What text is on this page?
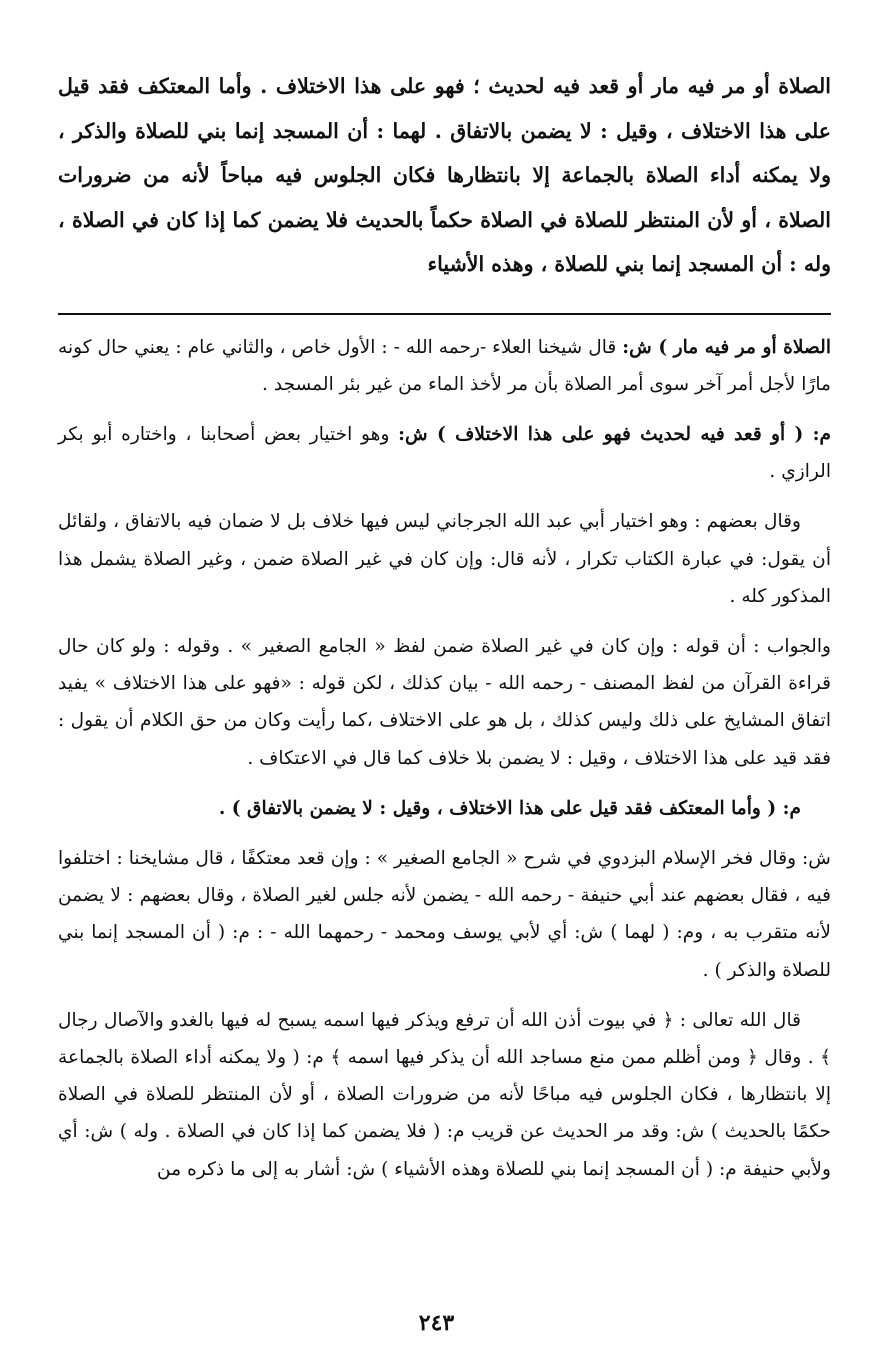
الصلاة أو مر فيه مار أو قعد فيه لحديث ؛ فهو على هذا الاختلاف . وأما المعتكف فقد قيل على هذا الاختلاف ، وقيل : لا يضمن بالاتفاق . لهما : أن المسجد إنما بني للصلاة والذكر ، ولا يمكنه أداء الصلاة بالجماعة إلا بانتظارها فكان الجلوس فيه مباحاً لأنه من ضرورات الصلاة ، أو لأن المنتظر للصلاة في الصلاة حكماً بالحديث فلا يضمن كما إذا كان في الصلاة ، وله : أن المسجد إنما بني للصلاة ، وهذه الأشياء

الصلاة أو مر فيه مار ) ش: قال شيخنا العلاء -رحمه الله - : الأول خاص ، والثاني عام : يعني حال كونه مارًا لأجل أمر آخر سوى أمر الصلاة بأن مر لأخذ الماء من غير بئر المسجد .

م: ( أو قعد فيه لحديث فهو على هذا الاختلاف ) ش: وهو اختيار بعض أصحابنا ، واختاره أبو بكر الرازي .

وقال بعضهم : وهو اختيار أبي عبد الله الجرجاني ليس فيها خلاف بل لا ضمان فيه بالاتفاق ، ولقائل أن يقول: في عبارة الكتاب تكرار ، لأنه قال: وإن كان في غير الصلاة ضمن ، وغير الصلاة يشمل هذا المذكور كله .

والجواب : أن قوله : وإن كان في غير الصلاة ضمن لفظ « الجامع الصغير » . وقوله : ولو كان حال قراءة القرآن من لفظ المصنف - رحمه الله - بيان كذلك ، لكن قوله : «فهو على هذا الاختلاف » يفيد اتفاق المشايخ على ذلك وليس كذلك ، بل هو على الاختلاف ،كما رأيت وكان من حق الكلام أن يقول : فقد قيد على هذا الاختلاف ، وقيل : لا يضمن بلا خلاف كما قال في الاعتكاف .

م: ( وأما المعتكف فقد قيل على هذا الاختلاف ، وقيل : لا يضمن بالاتفاق ) .

ش: وقال فخر الإسلام البزدوي في شرح « الجامع الصغير » : وإن قعد معتكفًا ، قال مشايخنا : اختلفوا فيه ، فقال بعضهم عند أبي حنيفة - رحمه الله - يضمن لأنه جلس لغير الصلاة ، وقال بعضهم : لا يضمن لأنه متقرب به ، وم: ( لهما ) ش: أي لأبي يوسف ومحمد - رحمهما الله - : م: ( أن المسجد إنما بني للصلاة والذكر ) .

قال الله تعالى : ﴿ في بيوت أذن الله أن ترفع ويذكر فيها اسمه يسبح له فيها بالغدو والآصال رجال ﴾ . وقال ﴿ ومن أظلم ممن منع مساجد الله أن يذكر فيها اسمه ﴾ م: ( ولا يمكنه أداء الصلاة بالجماعة إلا بانتظارها ، فكان الجلوس فيه مباحًا لأنه من ضرورات الصلاة ، أو لأن المنتظر للصلاة في الصلاة حكمًا بالحديث ) ش: وقد مر الحديث عن قريب م: ( فلا يضمن كما إذا كان في الصلاة . وله ) ش: أي ولأبي حنيفة م: ( أن المسجد إنما بني للصلاة وهذه الأشياء ) ش: أشار به إلى ما ذكره من

٢٤٣
